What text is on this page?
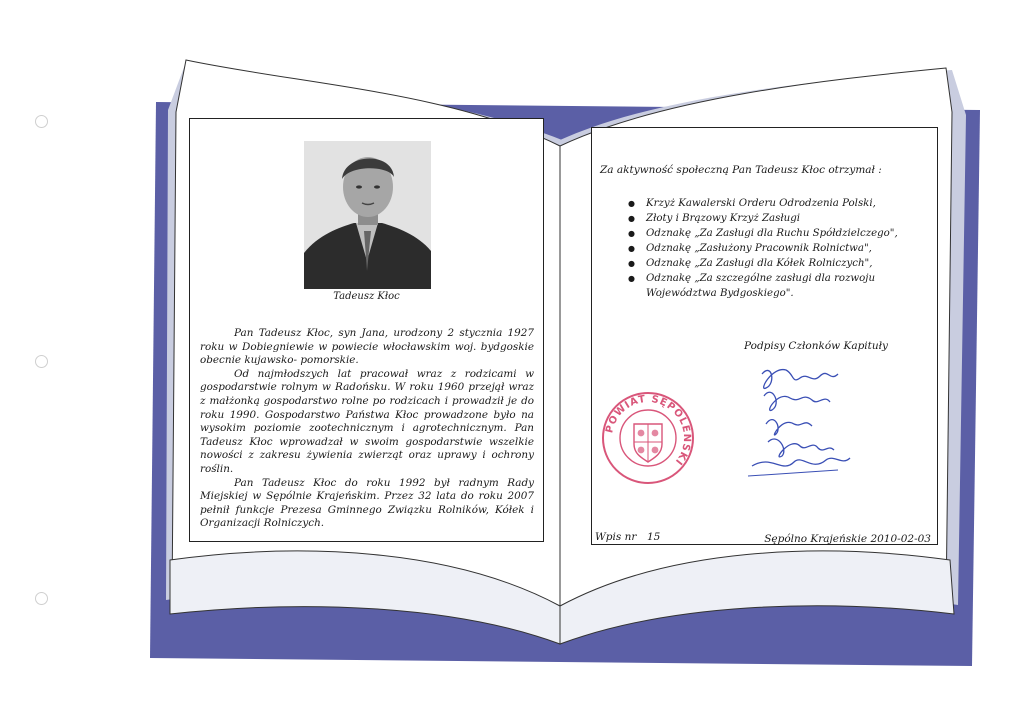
Tadeusz Kłoc

Pan Tadeusz Kłoc, syn Jana, urodzony 2 stycznia 1927 roku w Dobiegniewie w powiecie włocławskim woj. bydgoskie obecnie kujawsko- pomorskie.

Od najmłodszych lat pracował wraz z rodzicami w gospodarstwie rolnym w Radońsku. W roku 1960 przejął wraz z małżonką gospodarstwo rolne po rodzicach i prowadził je do roku 1990. Gospodarstwo Państwa Kłoc prowadzone było na wysokim poziomie zootechnicznym i agrotechnicznym. Pan Tadeusz Kłoc wprowadzał w swoim gospodarstwie wszelkie nowości z zakresu żywienia zwierząt oraz uprawy i ochrony roślin.

Pan Tadeusz Kłoc do roku 1992 był radnym Rady Miejskiej w Sępólnie Krajeńskim. Przez 32 lata do roku 2007 pełnił funkcje Prezesa Gminnego Związku Rolników, Kółek i Organizacji Rolniczych.

Za aktywność społeczną Pan Tadeusz Kłoc otrzymał :
● Krzyż Kawalerski Orderu Odrodzenia Polski,
● Złoty i Brązowy Krzyż Zasługi
● Odznakę „Za Zasługi dla Ruchu Spółdzielczego",
● Odznakę „Zasłużony Pracownik Rolnictwa",
● Odznakę „Za Zasługi dla Kółek Rolniczych",
● Odznakę „Za szczególne zasługi dla rozwoju Województwa Bydgoskiego".
Podpisy Członków Kapituły
POWIAT SĘPOLEŃSKI
Wpis nr 15	Sępólno Krajeńskie 2010-02-03
